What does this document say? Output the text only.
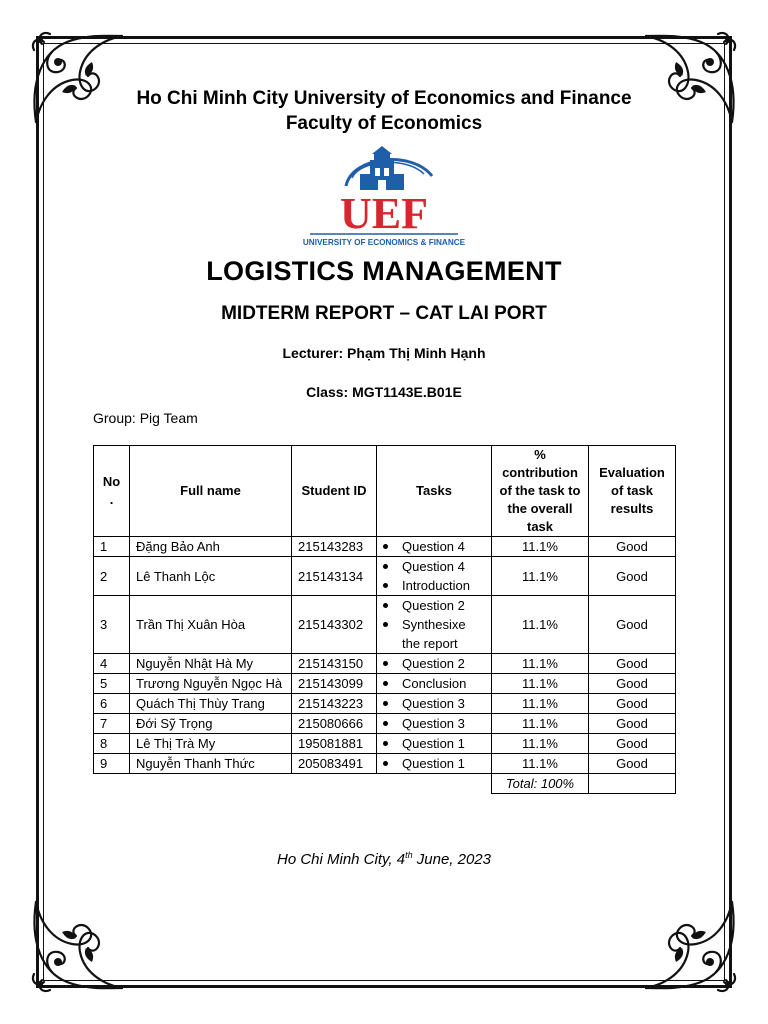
Ho Chi Minh City University of Economics and Finance
Faculty of Economics
UEF
UNIVERSITY OF ECONOMICS & FINANCE
LOGISTICS MANAGEMENT
MIDTERM REPORT – CAT LAI PORT
Lecturer: Phạm Thị Minh Hạnh
Class: MGT1143E.B01E
Group: Pig Team
No .	Full name	Student ID	Tasks	% contribution of the task to the overall task	Evaluation of task results
1	Đặng Bảo Anh	215143283	Question 4	11.1%	Good
2	Lê Thanh Lộc	215143134	Question 4
Introduction	11.1%	Good
3	Trần Thị Xuân Hòa	215143302	Question 2
Synthesixe the report	11.1%	Good
4	Nguyễn Nhật Hà My	215143150	Question 2	11.1%	Good
5	Trương Nguyễn Ngọc Hà	215143099	Conclusion	11.1%	Good
6	Quách Thị Thùy Trang	215143223	Question 3	11.1%	Good
7	Đới Sỹ Trọng	215080666	Question 3	11.1%	Good
8	Lê Thị Trà My	195081881	Question 1	11.1%	Good
9	Nguyễn Thanh Thức	205083491	Question 1	11.1%	Good
				Total: 100%	
Ho Chi Minh City, 4th June, 2023
